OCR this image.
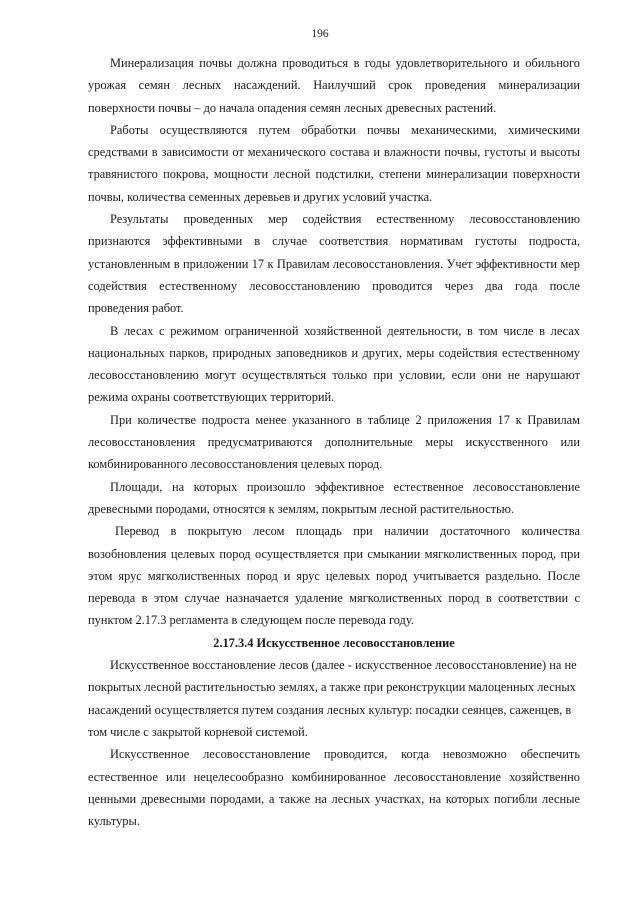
196

Минерализация почвы должна проводиться в годы удовлетворительного и обильного урожая семян лесных насаждений. Наилучший срок проведения минерализации поверхности почвы – до начала опадения семян лесных древесных растений.

Работы осуществляются путем обработки почвы механическими, химическими средствами в зависимости от механического состава и влажности почвы, густоты и высоты травянистого покрова, мощности лесной подстилки, степени минерализации поверхности почвы, количества семенных деревьев и других условий участка.

Результаты проведенных мер содействия естественному лесовосстановлению признаются эффективными в случае соответствия нормативам густоты подроста, установленным в приложении 17 к Правилам лесовосстановления. Учет эффективности мер содействия естественному лесовосстановлению проводится через два года после проведения работ.

В лесах с режимом ограниченной хозяйственной деятельности, в том числе в лесах национальных парков, природных заповедников и других, меры содействия естественному лесовосстановлению могут осуществляться только при условии, если они не нарушают режима охраны соответствующих территорий.

При количестве подроста менее указанного в таблице 2 приложения 17 к Правилам лесовосстановления предусматриваются дополнительные меры искусственного или комбинированного лесовосстановления целевых пород.

Площади, на которых произошло эффективное естественное лесовосстановление древесными породами, относятся к землям, покрытым лесной растительностью.

Перевод в покрытую лесом площадь при наличии достаточного количества возобновления целевых пород осуществляется при смыкании мягколиственных пород, при этом ярус мягколиственных пород и ярус целевых пород учитывается раздельно. После перевода в этом случае назначается удаление мягколиственных пород в соответствии с пунктом 2.17.3 регламента в следующем после перевода году.

2.17.3.4 Искусственное лесовосстановление

Искусственное восстановление лесов (далее - искусственное лесовосстановление) на не покрытых лесной растительностью землях, а также при реконструкции малоценных лесных насаждений осуществляется путем создания лесных культур: посадки сеянцев, саженцев, в том числе с закрытой корневой системой.

Искусственное лесовосстановление проводится, когда невозможно обеспечить естественное или нецелесообразно комбинированное лесовосстановление хозяйственно ценными древесными породами, а также на лесных участках, на которых погибли лесные культуры.
